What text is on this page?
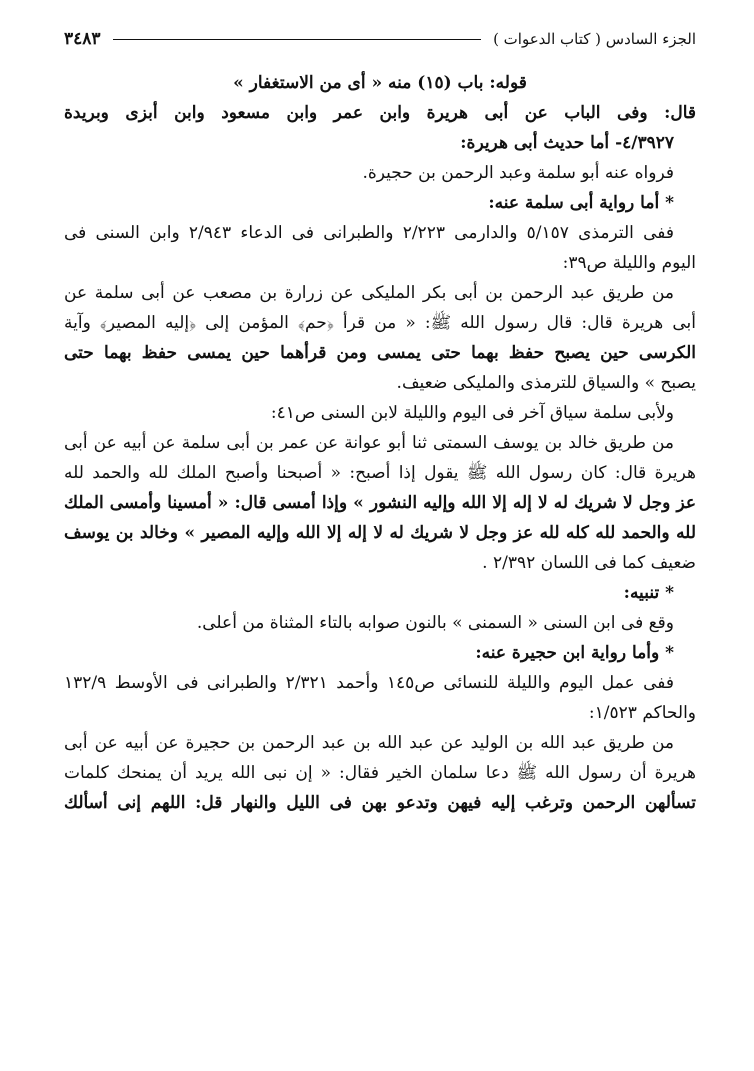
الجزء السادس ( كتاب الدعوات )
٣٤٨٣
قوله: باب (١٥) منه « أى من الاستغفار »
قال: وفى الباب عن أبى هريرة وابن عمر وابن مسعود وابن أبزى وبريدة
٤/٣٩٢٧- أما حديث أبى هريرة:
فرواه عنه أبو سلمة وعبد الرحمن بن حجيرة.
* أما رواية أبى سلمة عنه:
ففى الترمذى ٥/١٥٧ والدارمى ٢/٢٢٣ والطبرانى فى الدعاء ٢/٩٤٣ وابن السنى فى
اليوم والليلة ص٣٩:
من طريق عبد الرحمن بن أبى بكر المليكى عن زرارة بن مصعب عن أبى سلمة عن
أبى هريرة قال: قال رسول الله ﷺ: « من قرأ ﴿حم﴾ المؤمن إلى ﴿إليه المصير﴾ وآية
الكرسى حين يصبح حفظ بهما حتى يمسى ومن قرأهما حين يمسى حفظ بهما حتى
يصبح » والسياق للترمذى والمليكى ضعيف.
ولأبى سلمة سياق آخر فى اليوم والليلة لابن السنى ص٤١:
من طريق خالد بن يوسف السمتى ثنا أبو عوانة عن عمر بن أبى سلمة عن أبيه عن أبى
هريرة قال: كان رسول الله ﷺ يقول إذا أصبح: « أصبحنا وأصبح الملك لله والحمد لله
عز وجل لا شريك له لا إله إلا الله وإليه النشور » وإذا أمسى قال: « أمسينا وأمسى الملك
لله والحمد لله كله لله عز وجل لا شريك له لا إله إلا الله وإليه المصير » وخالد بن يوسف
ضعيف كما فى اللسان ٢/٣٩٢ .
* تنبيه:
وقع فى ابن السنى « السمنى » بالنون صوابه بالتاء المثناة من أعلى.
* وأما رواية ابن حجيرة عنه:
ففى عمل اليوم والليلة للنسائى ص١٤٥ وأحمد ٢/٣٢١ والطبرانى فى الأوسط ١٣٢/٩
والحاكم ١/٥٢٣:
من طريق عبد الله بن الوليد عن عبد الله بن عبد الرحمن بن حجيرة عن أبيه عن أبى
هريرة أن رسول الله ﷺ دعا سلمان الخير فقال: « إن نبى الله يريد أن يمنحك كلمات
تسألهن الرحمن وترغب إليه فيهن وتدعو بهن فى الليل والنهار قل: اللهم إنى أسألك
